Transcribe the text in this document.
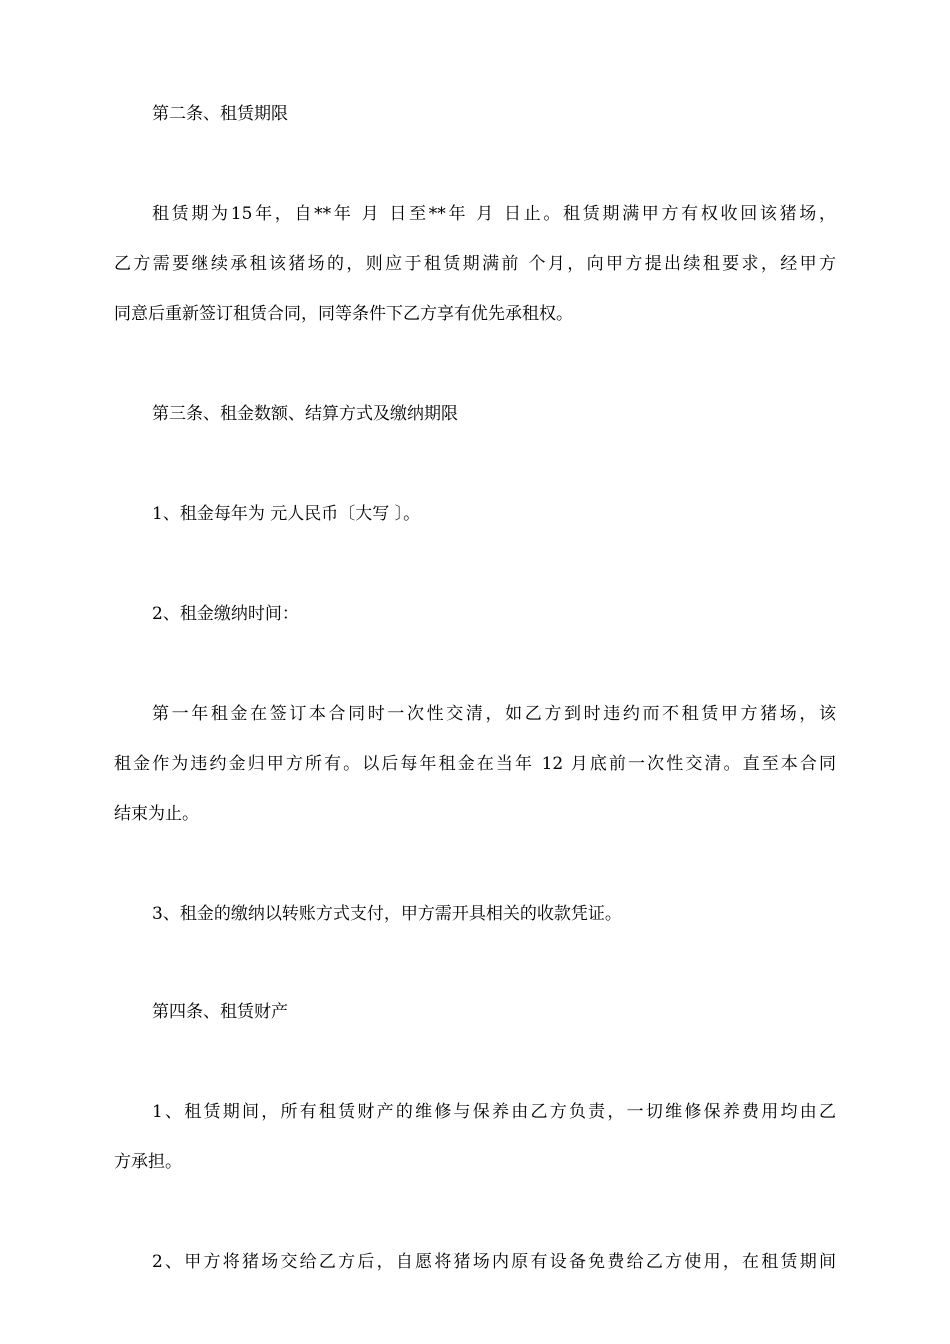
第二条、租赁期限
租赁期为15年，自**年 月 日至**年 月 日止。租赁期满甲方有权收回该猪场，
乙方需要继续承租该猪场的，则应于租赁期满前 个月，向甲方提出续租要求，经甲方
同意后重新签订租赁合同，同等条件下乙方享有优先承租权。
第三条、租金数额、结算方式及缴纳期限
1、租金每年为 元人民币〔大写 〕。
2、租金缴纳时间：
第一年租金在签订本合同时一次性交清，如乙方到时违约而不租赁甲方猪场，该
租金作为违约金归甲方所有。以后每年租金在当年 12 月底前一次性交清。直至本合同
结束为止。
3、租金的缴纳以转账方式支付，甲方需开具相关的收款凭证。
第四条、租赁财产
1、租赁期间，所有租赁财产的维修与保养由乙方负责，一切维修保养费用均由乙
方承担。
2、甲方将猪场交给乙方后，自愿将猪场内原有设备免费给乙方使用，在租赁期间
